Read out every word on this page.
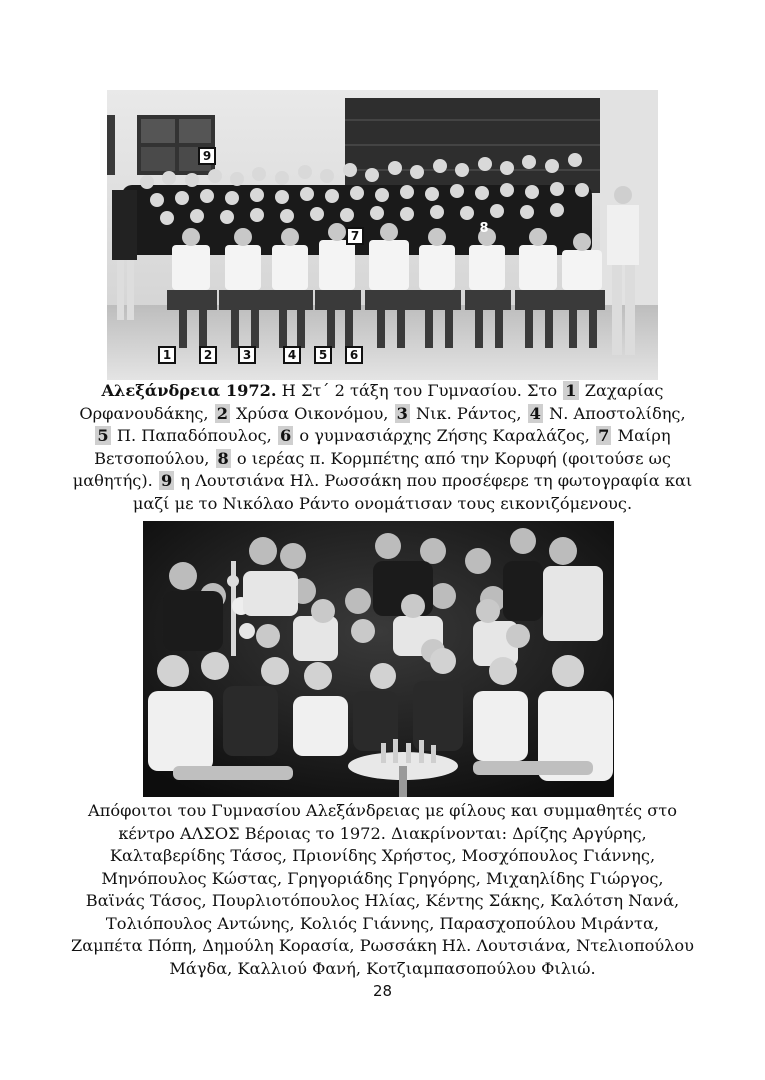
9
7	8
1	2	3	4	5	6
Αλεξάνδρεια 1972. Η Στ΄ 2 τάξη του Γυμνασίου. Στο 1 Ζαχαρίας Ορφανουδάκης, 2 Χρύσα Οικονόμου, 3 Νικ. Ράντος, 4 Ν. Αποστολίδης, 5 Π. Παπαδόπουλος, 6 ο γυμνασιάρχης Ζήσης Καραλάζος, 7 Μαίρη Βετσοπούλου, 8 ο ιερέας π. Κορμπέτης από την Κορυφή (φοιτούσε ως μαθητής). 9 η Λουτσιάνα Ηλ. Ρωσσάκη που προσέφερε τη φωτογραφία και μαζί με το Νικόλαο Ράντο ονομάτισαν τους εικονιζόμενους.
Απόφοιτοι του Γυμνασίου Αλεξάνδρειας με φίλους και συμμαθητές στο κέντρο ΑΛΣΟΣ Βέροιας το 1972. Διακρίνονται: Δρίζης Αργύρης, Καλταβερίδης Τάσος, Πριονίδης Χρήστος, Μοσχόπουλος Γιάννης, Μηνόπουλος Κώστας, Γρηγοριάδης Γρηγόρης, Μιχαηλίδης Γιώργος, Βαϊνάς Τάσος, Πουρλιοτόπουλος Ηλίας, Κέντης Σάκης, Καλότση Νανά, Τολιόπουλος Αντώνης, Κολιός Γιάννης, Παρασχοπούλου Μιράντα, Ζαμπέτα Πόπη, Δημούλη Κορασία, Ρωσσάκη Ηλ. Λουτσιάνα, Ντελιοπούλου Μάγδα, Καλλιού Φανή, Κοτζιαμπασοπούλου Φιλιώ.
28
